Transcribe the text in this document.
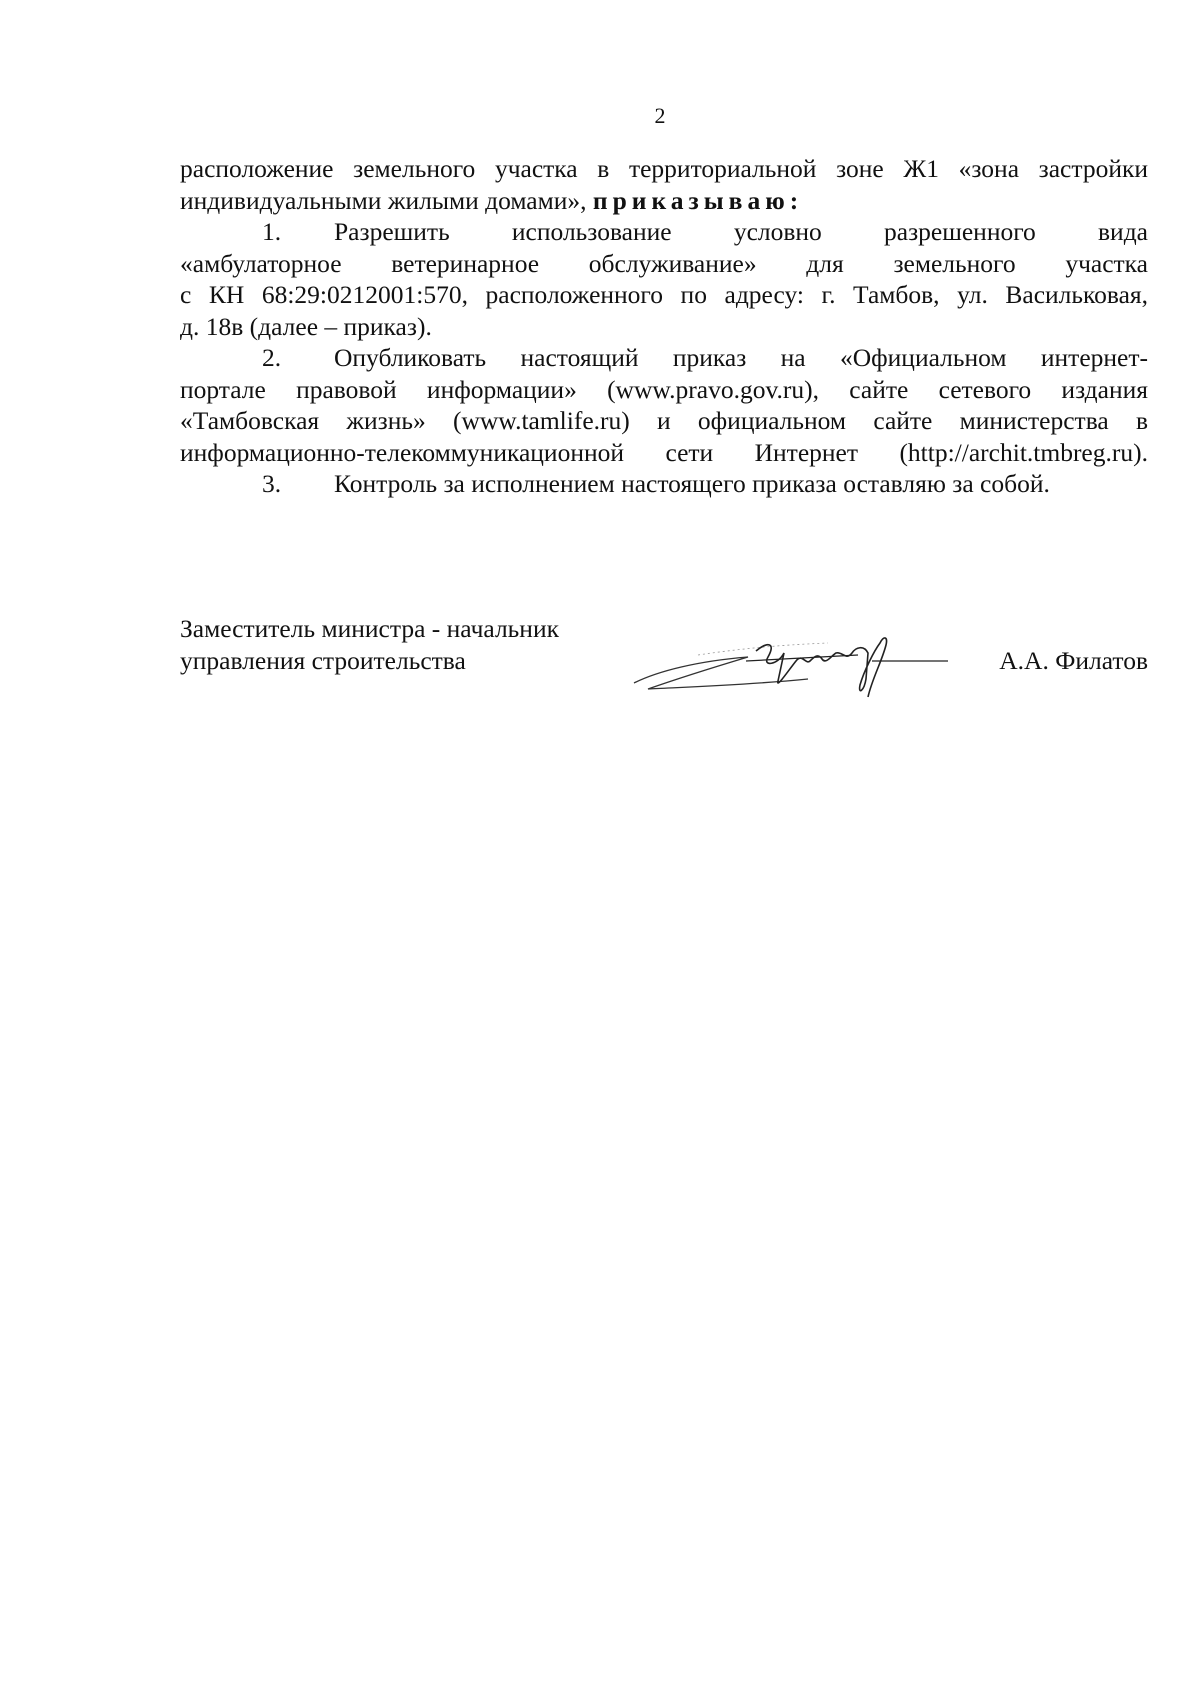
2
расположение земельного участка в территориальной зоне Ж1 «зона застройки
индивидуальными жилыми домами», приказываю:
1.	Разрешить использование условно разрешенного вида
«амбулаторное ветеринарное обслуживание» для земельного участка
с КН 68:29:0212001:570, расположенного по адресу: г. Тамбов, ул. Васильковая,
д. 18в (далее – приказ).
2.	Опубликовать настоящий приказ на «Официальном интернет-
портале правовой информации» (www.pravo.gov.ru), сайте сетевого издания
«Тамбовская жизнь» (www.tamlife.ru) и официальном сайте министерства в
информационно-телекоммуникационной сети Интернет (http://archit.tmbreg.ru).
3.	Контроль за исполнением настоящего приказа оставляю за собой.
Заместитель министра - начальник
управления строительства	А.А. Филатов
